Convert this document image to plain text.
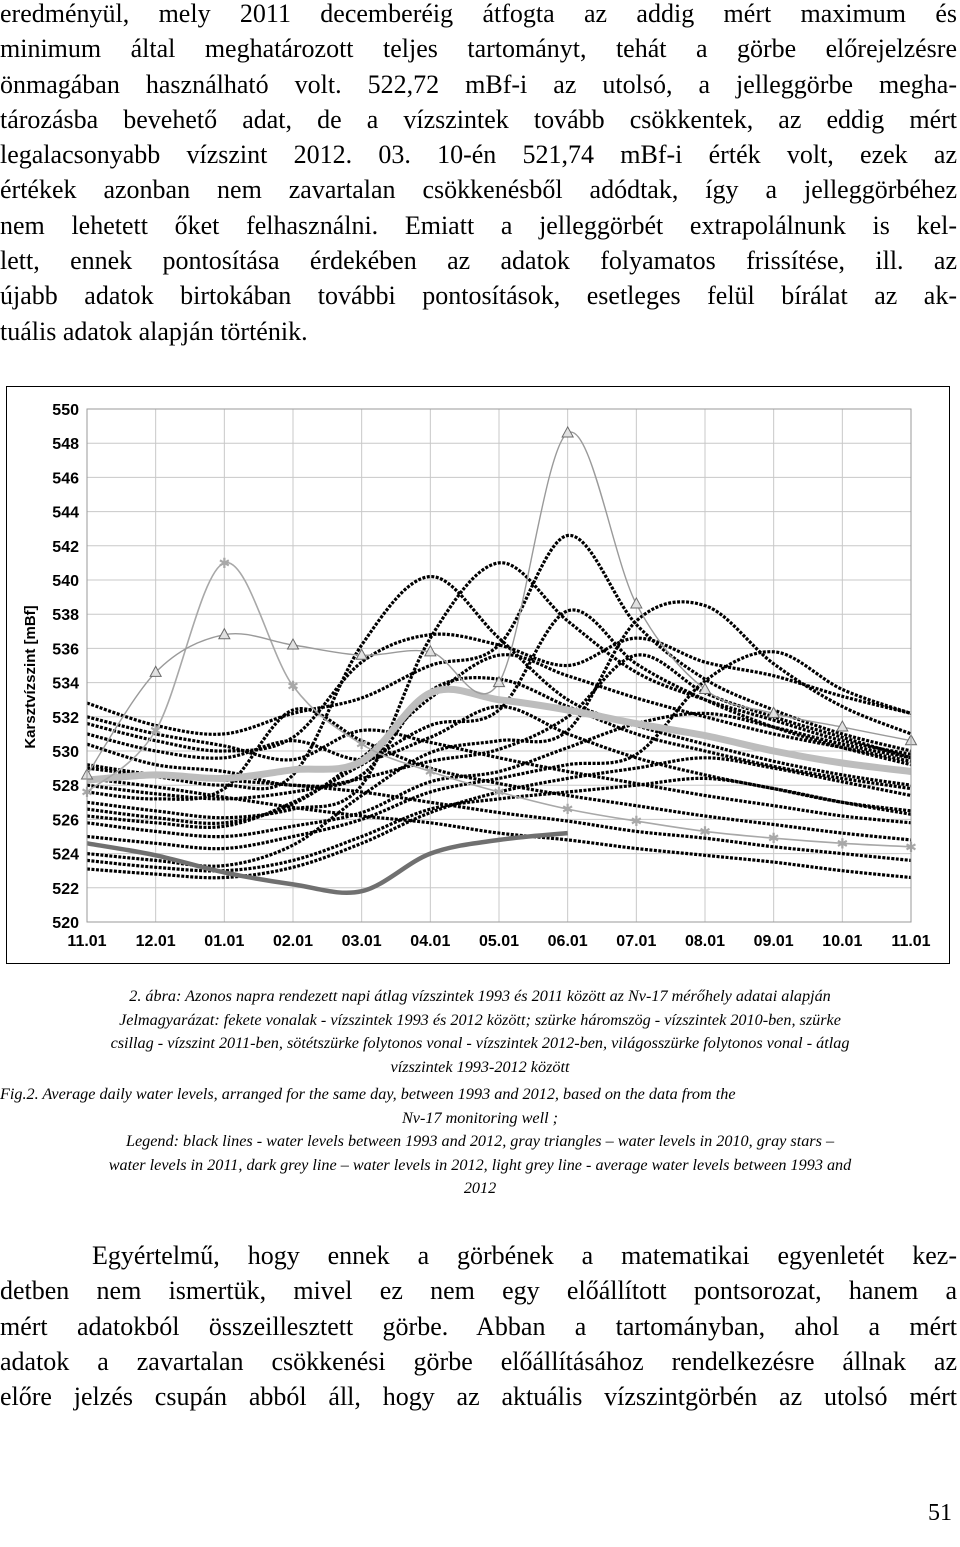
eredményül, mely 2011 decemberéig átfogta az addig mért maximum és
minimum által meghatározott teljes tartományt, tehát a görbe előrejelzésre
önmagában használható volt. 522,72 mBf-i az utolsó, a jelleggörbe megha-
tározásba bevehető adat, de a vízszintek tovább csökkentek, az eddig mért
legalacsonyabb vízszint 2012. 03. 10-én 521,74 mBf-i érték volt, ezek az
értékek azonban nem zavartalan csökkenésből adódtak, így a jelleggörbéhez
nem lehetett őket felhasználni. Emiatt a jelleggörbét extrapolálnunk is kel-
lett, ennek pontosítása érdekében az adatok folyamatos frissítése, ill. az
újabb adatok birtokában további pontosítások, esetleges felül bírálat az ak-
tuális adatok alapján történik.

✱
✱
✱
✱
✱
✱
✱
✱
✱
✱	✱	✱	✱
550
548
546
544
542
540
538
536
534
532
530
528
526
524
522
520
11.01 12.01 01.01 02.01 03.01 04.01 05.01 06.01 07.01 08.01 09.01 10.01 11.01
Karsztvízszint [mBf]

2. ábra: Azonos napra rendezett napi átlag vízszintek 1993 és 2011 között az Nv-17 mérőhely adatai alapján
Jelmagyarázat: fekete vonalak - vízszintek 1993 és 2012 között; szürke háromszög - vízszintek 2010-ben, szürke
csillag - vízszint 2011-ben, sötétszürke folytonos vonal - vízszintek 2012-ben, világosszürke folytonos vonal - átlag
vízszintek 1993-2012 között

Fig.2. Average daily water levels, arranged for the same day, between 1993 and 2012, based on the data from the
Nv-17 monitoring well ;
Legend: black lines - water levels between 1993 and 2012, gray triangles – water levels in 2010, gray stars –
water levels in 2011, dark grey line – water levels in 2012, light grey line - average water levels between 1993 and
2012

Egyértelmű, hogy ennek a görbének a matematikai egyenletét kez-
detben nem ismertük, mivel ez nem egy előállított pontsorozat, hanem a
mért adatokból összeillesztett görbe. Abban a tartományban, ahol a mért
adatok a zavartalan csökkenési görbe előállításához rendelkezésre állnak az
előre jelzés csupán abból áll, hogy az aktuális vízszintgörbén az utolsó mért

51
